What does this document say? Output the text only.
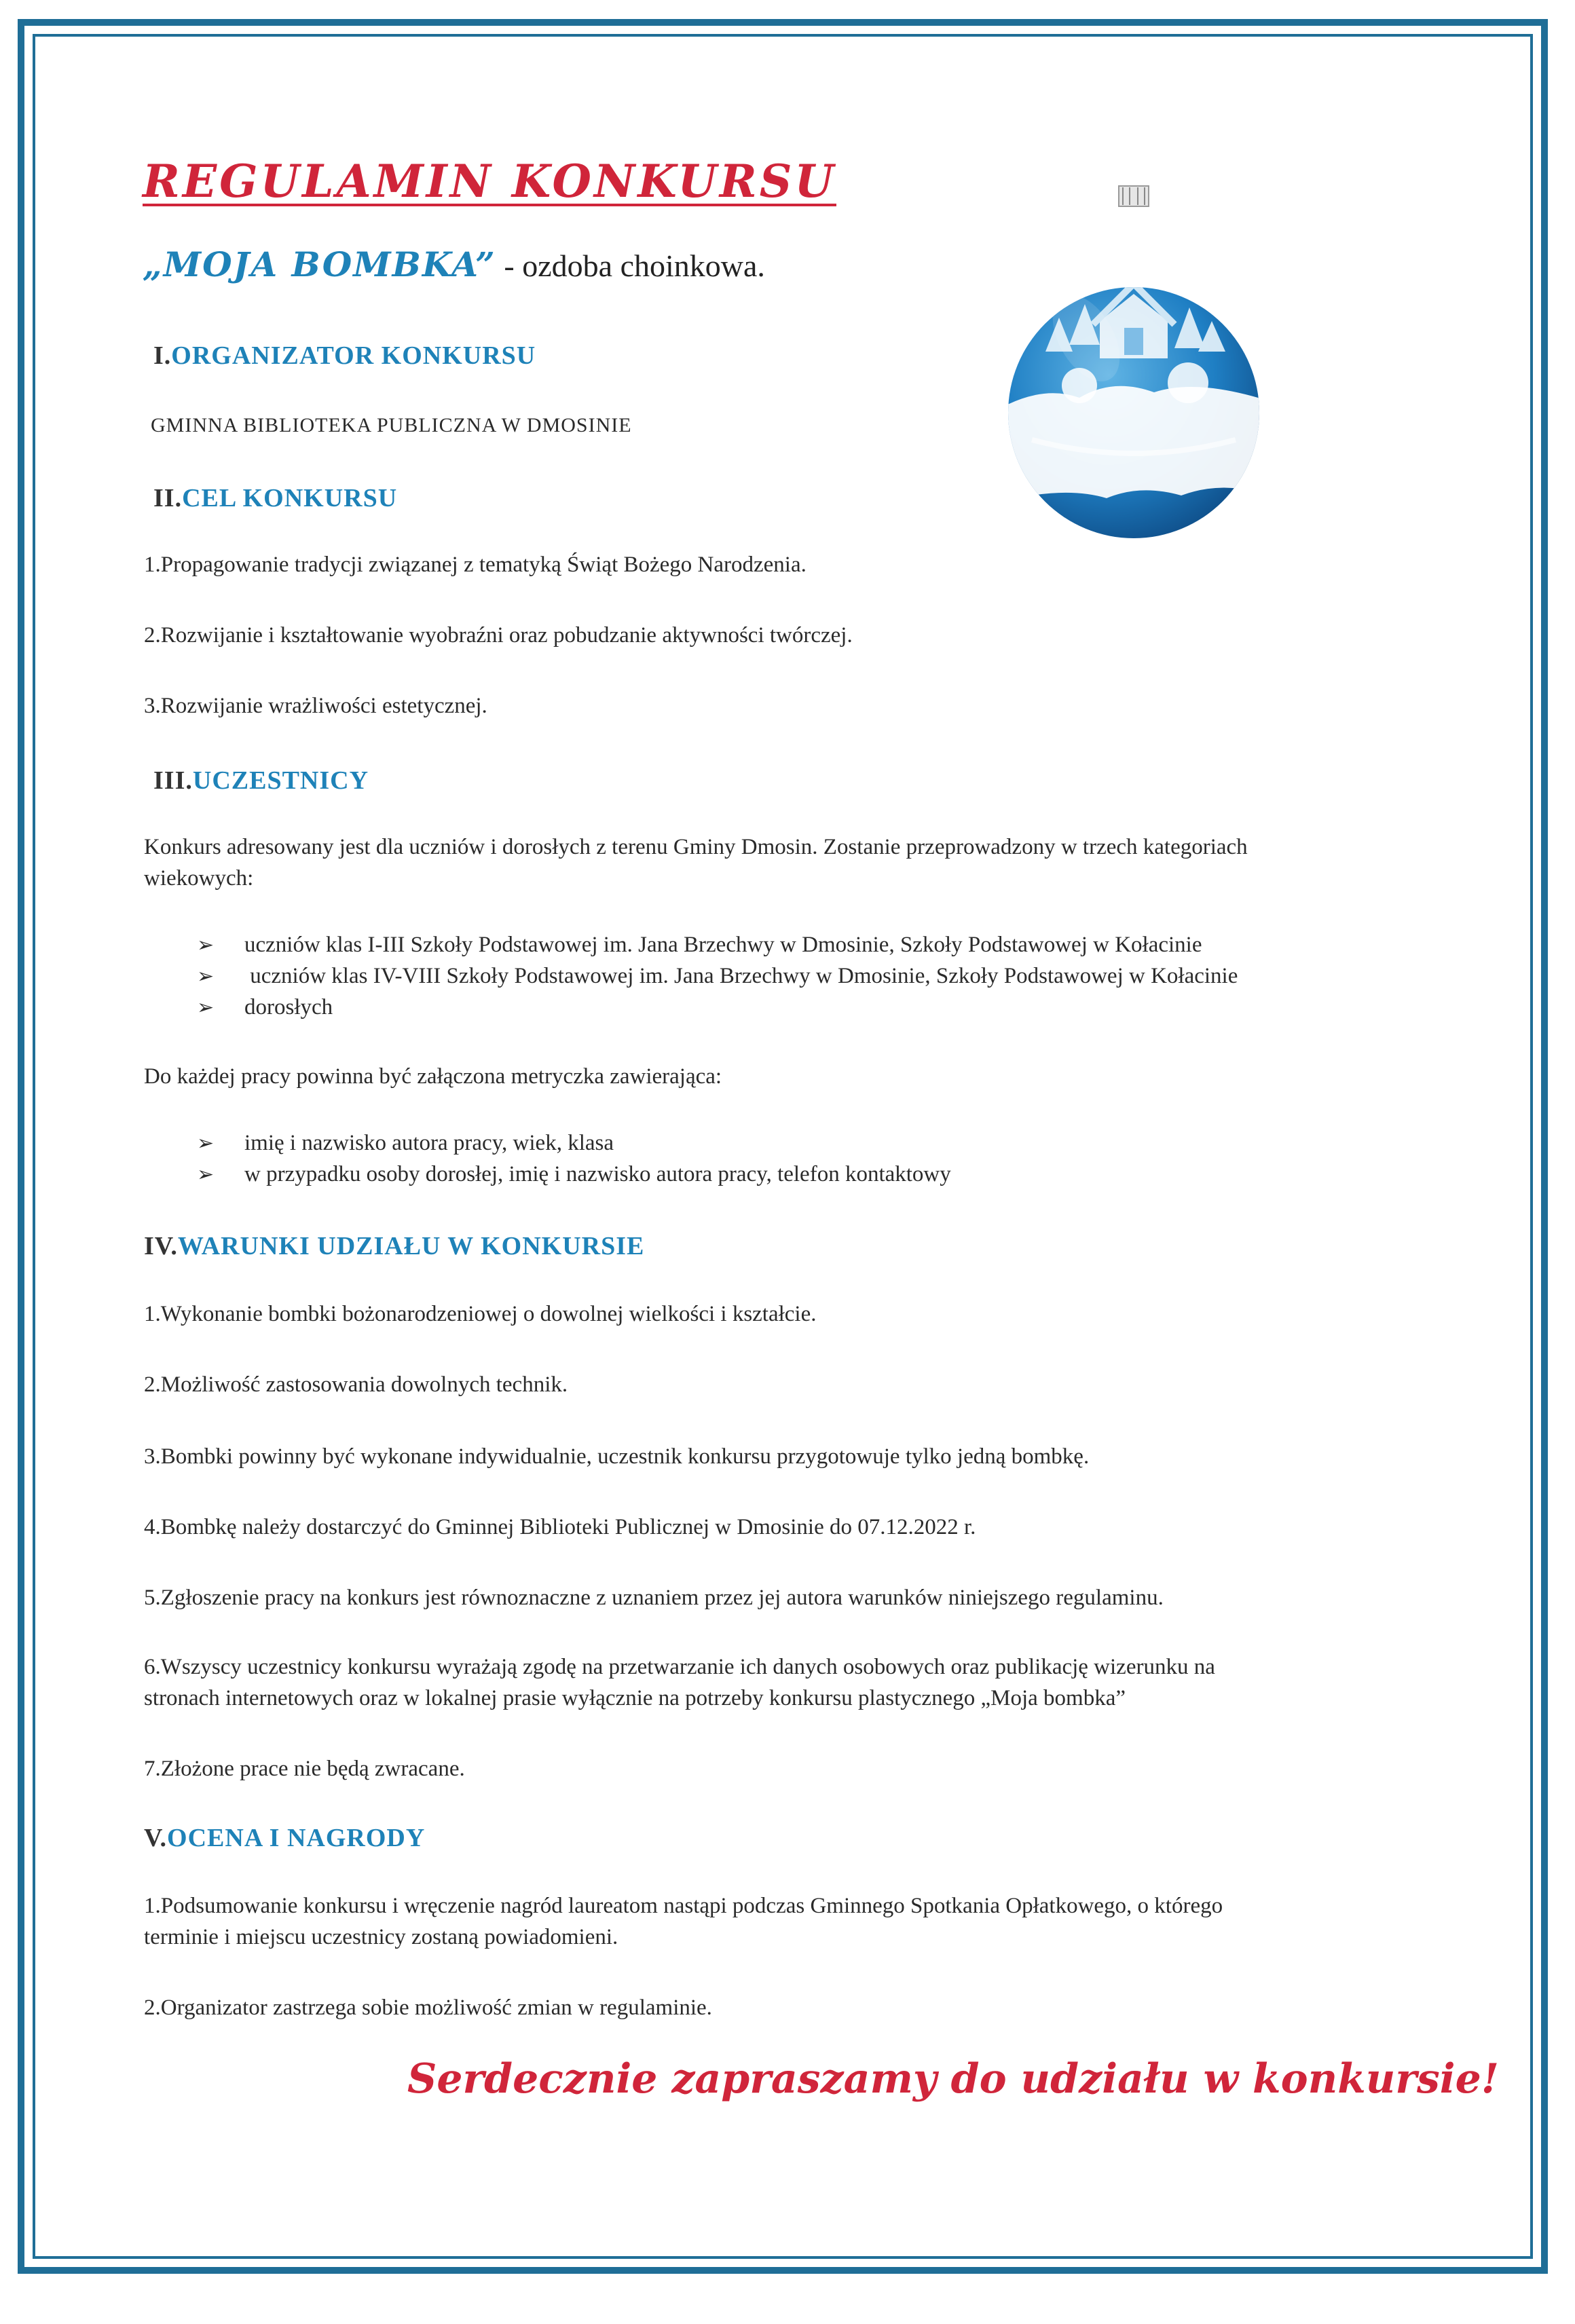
REGULAMIN KONKURSU
„MOJA BOMBKA” - ozdoba choinkowa.
I.ORGANIZATOR KONKURSU
GMINNA BIBLIOTEKA PUBLICZNA W DMOSINIE
II.CEL KONKURSU
1.Propagowanie tradycji związanej z tematyką Świąt Bożego Narodzenia.
2.Rozwijanie i kształtowanie wyobraźni oraz pobudzanie aktywności twórczej.
3.Rozwijanie wrażliwości estetycznej.
III.UCZESTNICY
Konkurs adresowany jest dla uczniów i dorosłych z terenu Gminy Dmosin. Zostanie przeprowadzony w trzech kategoriach
wiekowych:
➢ uczniów klas I-III Szkoły Podstawowej im. Jana Brzechwy w Dmosinie, Szkoły Podstawowej w Kołacinie
➢ uczniów klas IV-VIII Szkoły Podstawowej im. Jana Brzechwy w Dmosinie, Szkoły Podstawowej w Kołacinie
➢ dorosłych
Do każdej pracy powinna być załączona metryczka zawierająca:
➢ imię i nazwisko autora pracy, wiek, klasa
➢ w przypadku osoby dorosłej, imię i nazwisko autora pracy, telefon kontaktowy
IV.WARUNKI UDZIAŁU W KONKURSIE
1.Wykonanie bombki bożonarodzeniowej o dowolnej wielkości i kształcie.
2.Możliwość zastosowania dowolnych technik.
3.Bombki powinny być wykonane indywidualnie, uczestnik konkursu przygotowuje tylko jedną bombkę.
4.Bombkę należy dostarczyć do Gminnej Biblioteki Publicznej w Dmosinie do 07.12.2022 r.
5.Zgłoszenie pracy na konkurs jest równoznaczne z uznaniem przez jej autora warunków niniejszego regulaminu.
6.Wszyscy uczestnicy konkursu wyrażają zgodę na przetwarzanie ich danych osobowych oraz publikację wizerunku na
stronach internetowych oraz w lokalnej prasie wyłącznie na potrzeby konkursu plastycznego „Moja bombka”
7.Złożone prace nie będą zwracane.
V.OCENA I NAGRODY
1.Podsumowanie konkursu i wręczenie nagród laureatom nastąpi podczas Gminnego Spotkania Opłatkowego, o którego
terminie i miejscu uczestnicy zostaną powiadomieni.
2.Organizator zastrzega sobie możliwość zmian w regulaminie.
Serdecznie zapraszamy do udziału w konkursie!
